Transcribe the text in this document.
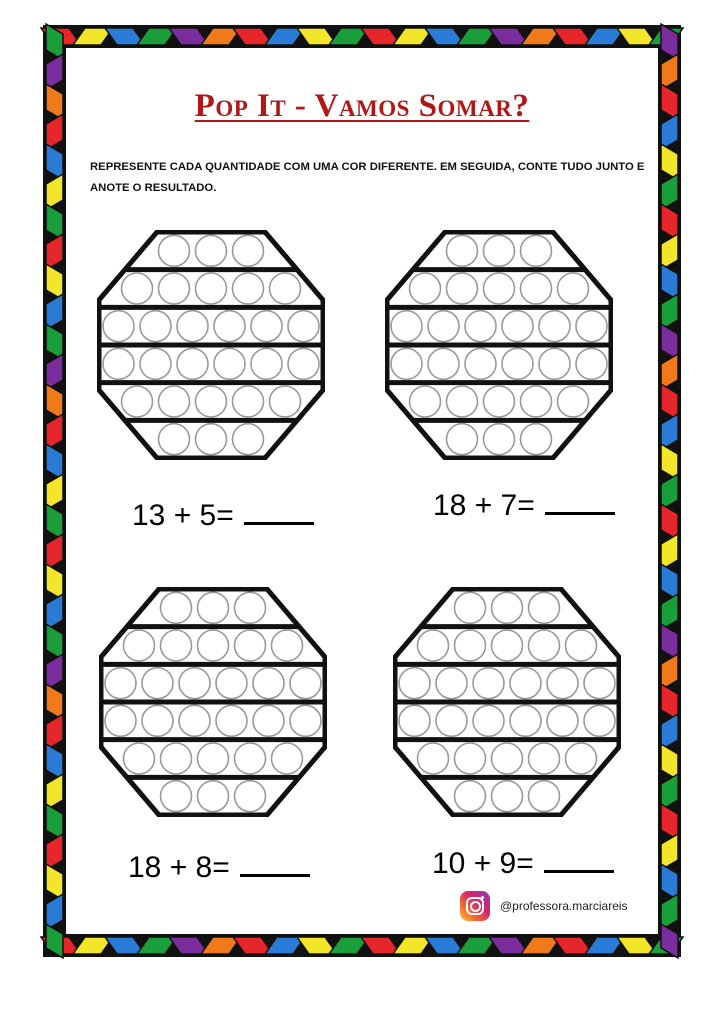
Pop It - Vamos Somar?
REPRESENTE CADA QUANTIDADE COM UMA COR DIFERENTE. EM SEGUIDA, CONTE TUDO JUNTO E ANOTE O RESULTADO.
13 + 5=	18 + 7=
18 + 8=	10 + 9=
@professora.marciareis
